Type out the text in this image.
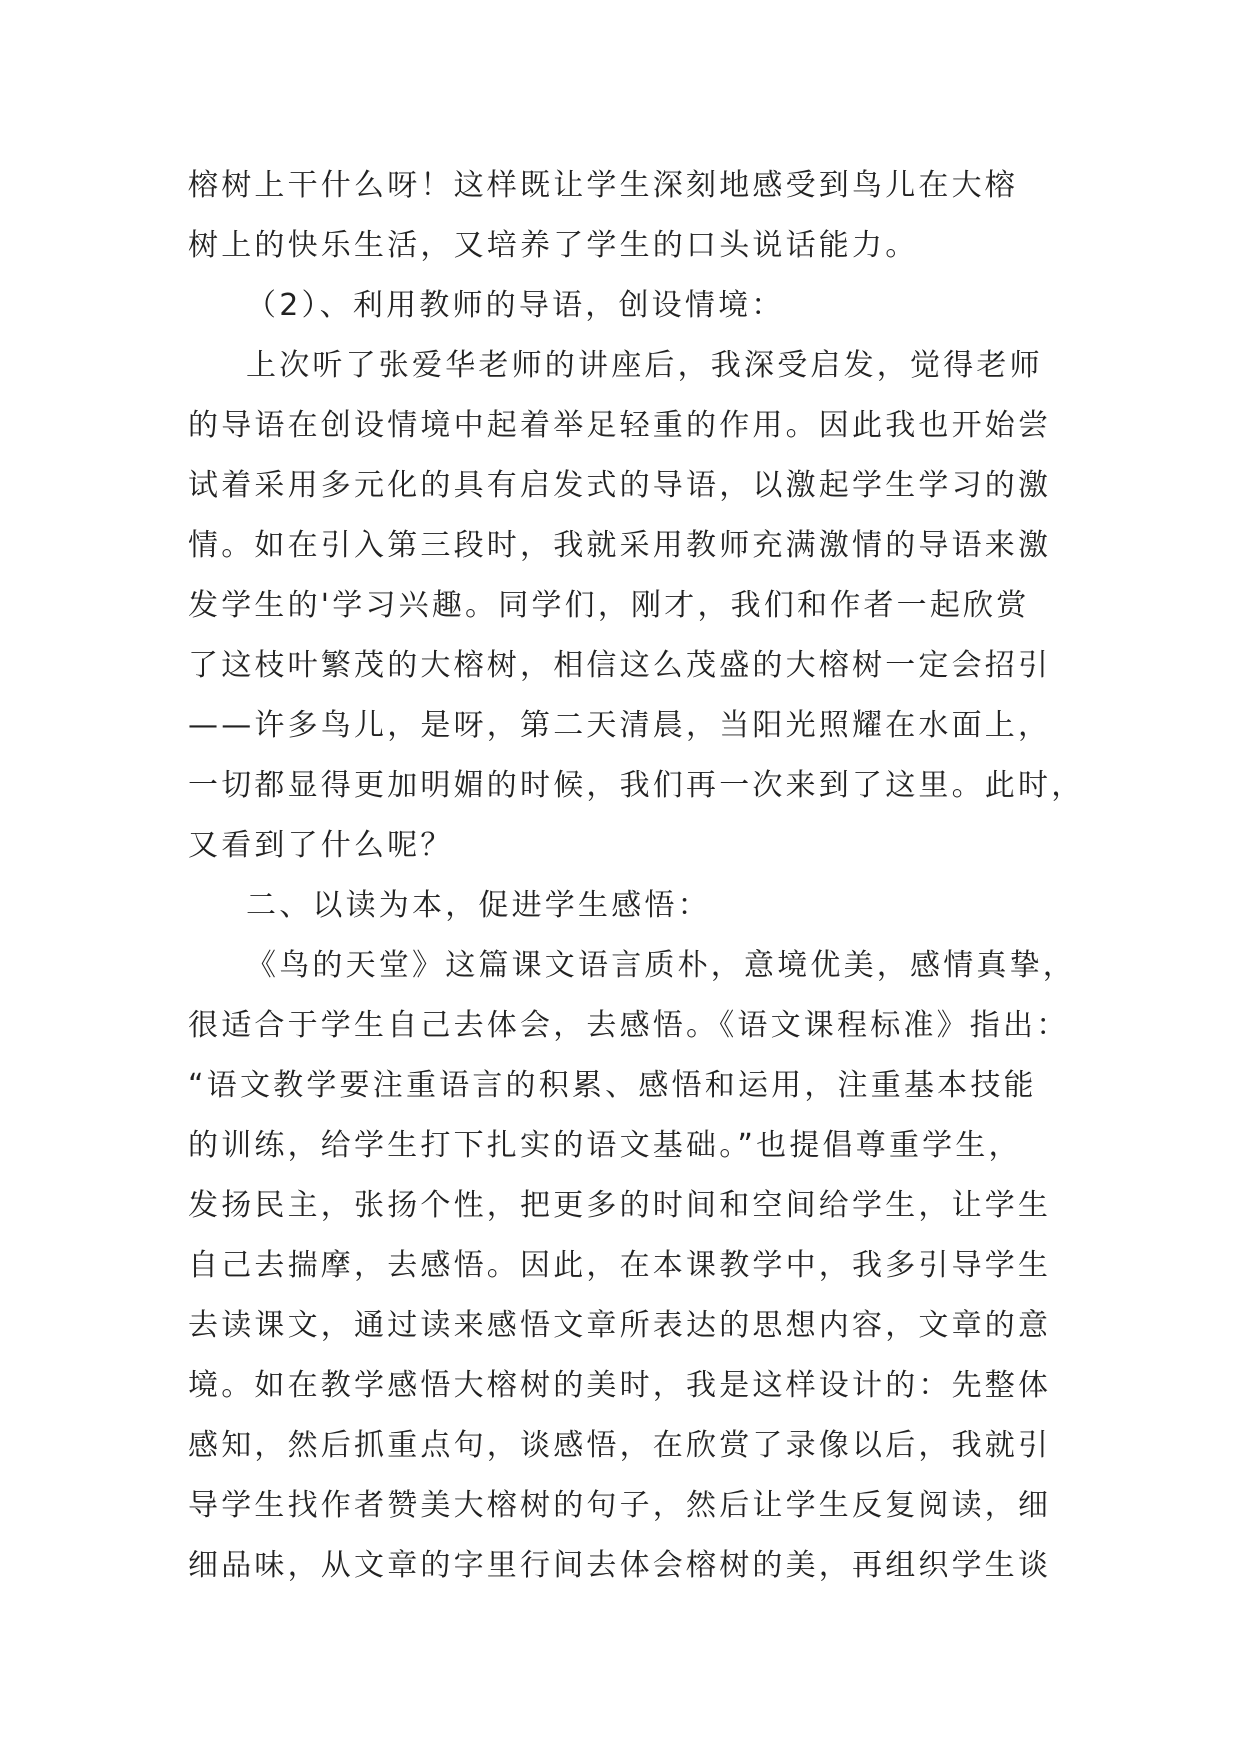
榕树上干什么呀！这样既让学生深刻地感受到鸟儿在大榕
树上的快乐生活，又培养了学生的口头说话能力。
（2）、利用教师的导语，创设情境：
上次听了张爱华老师的讲座后，我深受启发，觉得老师
的导语在创设情境中起着举足轻重的作用。因此我也开始尝
试着采用多元化的具有启发式的导语，以激起学生学习的激
情。如在引入第三段时，我就采用教师充满激情的导语来激
发学生的'学习兴趣。同学们，刚才，我们和作者一起欣赏
了这枝叶繁茂的大榕树，相信这么茂盛的大榕树一定会招引
——许多鸟儿，是呀，第二天清晨，当阳光照耀在水面上，
一切都显得更加明媚的时候，我们再一次来到了这里。此时，
又看到了什么呢？
二、以读为本，促进学生感悟：
《鸟的天堂》这篇课文语言质朴，意境优美，感情真挚，
很适合于学生自己去体会，去感悟。《语文课程标准》指出：
“语文教学要注重语言的积累、感悟和运用，注重基本技能
的训练，给学生打下扎实的语文基础。”也提倡尊重学生，
发扬民主，张扬个性，把更多的时间和空间给学生，让学生
自己去揣摩，去感悟。因此，在本课教学中，我多引导学生
去读课文，通过读来感悟文章所表达的思想内容，文章的意
境。如在教学感悟大榕树的美时，我是这样设计的：先整体
感知，然后抓重点句，谈感悟，在欣赏了录像以后，我就引
导学生找作者赞美大榕树的句子，然后让学生反复阅读，细
细品味，从文章的字里行间去体会榕树的美，再组织学生谈
